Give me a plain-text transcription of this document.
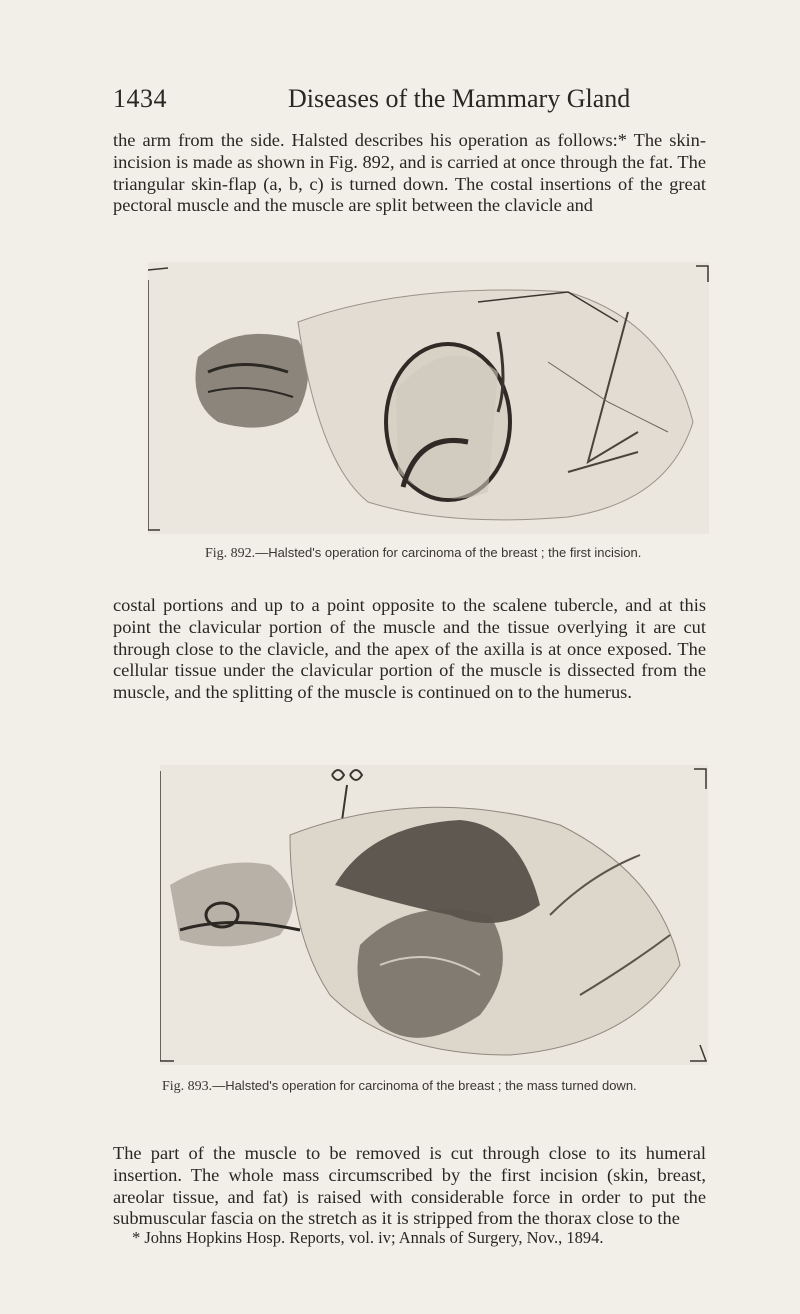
1434	Diseases of the Mammary Gland

the arm from the side. Halsted describes his operation as follows:* The skin-incision is made as shown in Fig. 892, and is carried at once through the fat. The triangular skin-flap (a, b, c) is turned down. The costal insertions of the great pectoral muscle and the muscle are split between the clavicle and

Fig. 892.—Halsted's operation for carcinoma of the breast ; the first incision.

costal portions and up to a point opposite to the scalene tubercle, and at this point the clavicular portion of the muscle and the tissue overlying it are cut through close to the clavicle, and the apex of the axilla is at once exposed. The cellular tissue under the clavicular portion of the muscle is dissected from the muscle, and the splitting of the muscle is continued on to the humerus.

Fig. 893.—Halsted's operation for carcinoma of the breast ; the mass turned down.

The part of the muscle to be removed is cut through close to its humeral insertion. The whole mass circumscribed by the first incision (skin, breast, areolar tissue, and fat) is raised with considerable force in order to put the submuscular fascia on the stretch as it is stripped from the thorax close to the

* Johns Hopkins Hosp. Reports, vol. iv; Annals of Surgery, Nov., 1894.
